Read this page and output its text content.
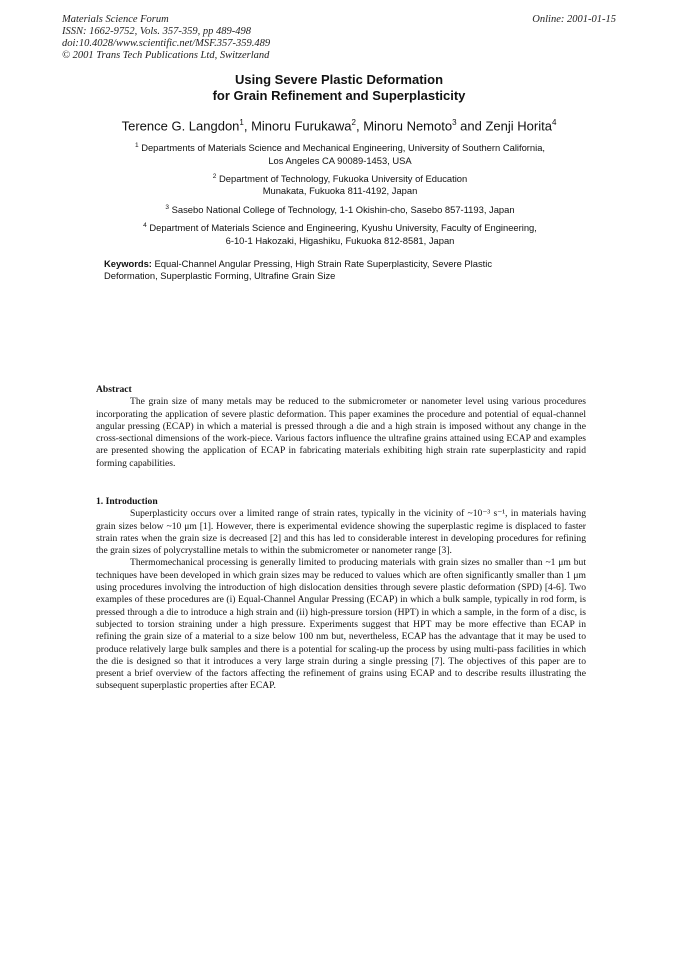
Materials Science Forum
ISSN: 1662-9752, Vols. 357-359, pp 489-498
doi:10.4028/www.scientific.net/MSF.357-359.489
© 2001 Trans Tech Publications Ltd, Switzerland
Online: 2001-01-15
Using Severe Plastic Deformation
for Grain Refinement and Superplasticity
Terence G. Langdon$^1$, Minoru Furukawa$^2$, Minoru Nemoto$^3$ and Zenji Horita$^4$
$^1$ Departments of Materials Science and Mechanical Engineering, University of Southern California,
Los Angeles CA 90089-1453, USA
$^2$ Department of Technology, Fukuoka University of Education
Munakata, Fukuoka 811-4192, Japan
$^3$ Sasebo National College of Technology, 1-1 Okishin-cho, Sasebo 857-1193, Japan
$^4$ Department of Materials Science and Engineering, Kyushu University, Faculty of Engineering,
6-10-1 Hakozaki, Higashiku, Fukuoka 812-8581, Japan
Keywords: Equal-Channel Angular Pressing, High Strain Rate Superplasticity, Severe Plastic Deformation, Superplastic Forming, Ultrafine Grain Size

Abstract

The grain size of many metals may be reduced to the submicrometer or nanometer level using various procedures incorporating the application of severe plastic deformation. This paper examines the procedure and potential of equal-channel angular pressing (ECAP) in which a material is pressed through a die and a high strain is imposed without any change in the cross-sectional dimensions of the work-piece. Various factors influence the ultrafine grains attained using ECAP and examples are presented showing the application of ECAP in fabricating materials exhibiting high strain rate superplasticity and rapid forming capabilities.

1. Introduction

Superplasticity occurs over a limited range of strain rates, typically in the vicinity of ~10⁻³ s⁻¹, in materials having grain sizes below ~10 μm [1]. However, there is experimental evidence showing the superplastic regime is displaced to faster strain rates when the grain size is decreased [2] and this has led to considerable interest in developing procedures for refining the grain sizes of polycrystalline metals to within the submicrometer or nanometer range [3].

Thermomechanical processing is generally limited to producing materials with grain sizes no smaller than ~1 μm but techniques have been developed in which grain sizes may be reduced to values which are often significantly smaller than 1 μm using procedures involving the introduction of high dislocation densities through severe plastic deformation (SPD) [4-6]. Two examples of these procedures are (i) Equal-Channel Angular Pressing (ECAP) in which a bulk sample, typically in rod form, is pressed through a die to introduce a high strain and (ii) high-pressure torsion (HPT) in which a sample, in the form of a disc, is subjected to torsion straining under a high pressure. Experiments suggest that HPT may be more effective than ECAP in refining the grain size of a material to a size below 100 nm but, nevertheless, ECAP has the advantage that it may be used to produce relatively large bulk samples and there is a potential for scaling-up the process by using multi-pass facilities in which the die is designed so that it introduces a very large strain during a single pressing [7]. The objectives of this paper are to present a brief overview of the factors affecting the refinement of grains using ECAP and to describe results illustrating the subsequent superplastic properties after ECAP.
